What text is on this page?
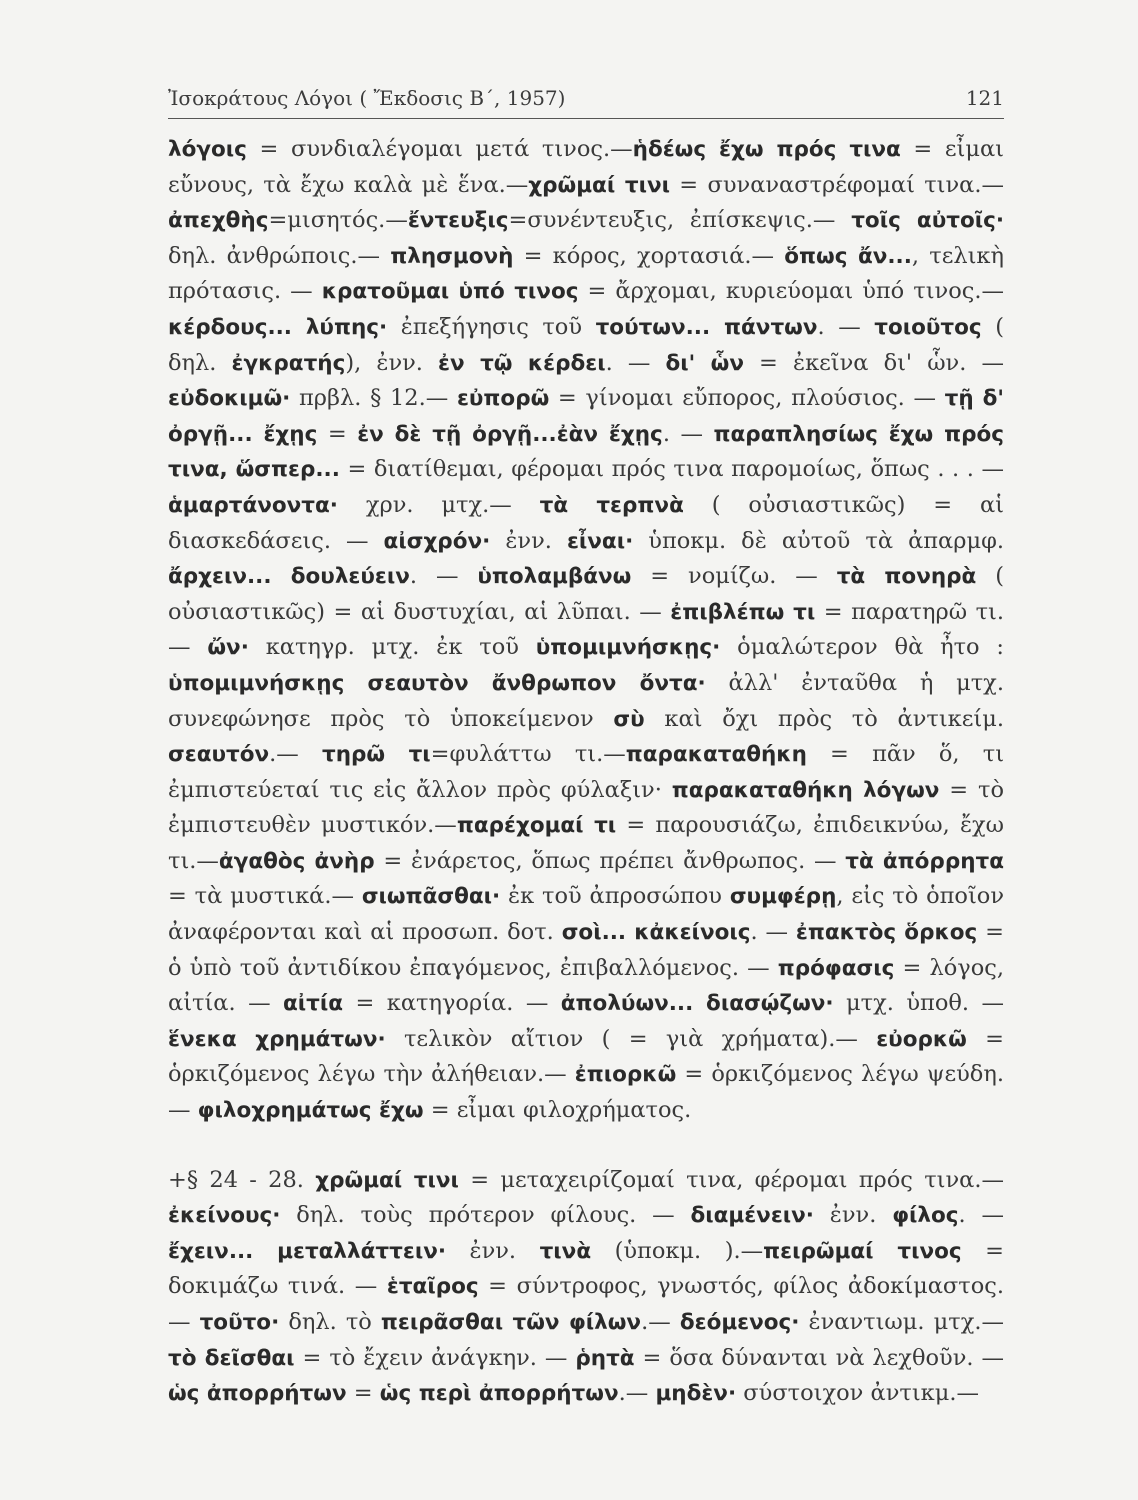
Ἰσοκράτους Λόγοι ( Ἔκδοσις Β΄, 1957)	121

λόγοις = συνδιαλέγομαι μετά τινος.—ἡδέως ἔχω πρός τινα = εἶμαι εὔνους, τὰ ἔχω καλὰ μὲ ἕνα.—χρῶμαί τινι = συναναστρέφομαί τινα.— ἀπεχθὴς=μισητός.—ἔντευξις=συνέντευξις, ἐπίσκεψις.— τοῖς αὐτοῖς· δηλ. ἀνθρώποις.— πλησμονὴ = κόρος, χορτασιά.— ὅπως ἄν..., τελικὴ πρότασις. — κρατοῦμαι ὑπό τινος = ἄρχομαι, κυριεύομαι ὑπό τινος.— κέρδους... λύπης· ἐπεξήγησις τοῦ τούτων... πάντων. — τοιοῦτος ( δηλ. ἐγκρατής), ἐνν. ἐν τῷ κέρδει. — δι' ὧν = ἐκεῖνα δι' ὧν. — εὐδοκιμῶ· πρβλ. § 12.— εὐπορῶ = γίνομαι εὔπορος, πλούσιος. — τῇ δ' ὀργῇ... ἔχῃς = ἐν δὲ τῇ ὀργῇ...ἐὰν ἔχῃς. — παραπλησίως ἔχω πρός τινα, ὥσπερ... = διατίθεμαι, φέρομαι πρός τινα παρομοίως, ὅπως . . . — ἁμαρτάνοντα· χρν. μτχ.— τὰ τερπνὰ ( οὐσιαστικῶς) = αἱ διασκεδάσεις. — αἰσχρόν· ἐνν. εἶναι· ὑποκμ. δὲ αὐτοῦ τὰ ἀπαρμφ. ἄρχειν... δουλεύειν. — ὑπολαμβάνω = νομίζω. — τὰ πονηρὰ ( οὐσιαστικῶς) = αἱ δυστυχίαι, αἱ λῦπαι. — ἐπιβλέπω τι = παρατηρῶ τι. — ὤν· κατηγρ. μτχ. ἐκ τοῦ ὑπομιμνήσκῃς· ὁμαλώτερον θὰ ἦτο : ὑπομιμνήσκῃς σεαυτὸν ἄνθρωπον ὄντα· ἀλλ' ἐνταῦθα ἡ μτχ. συνεφώνησε πρὸς τὸ ὑποκείμενον σὺ καὶ ὄχι πρὸς τὸ ἀντικείμ. σεαυτόν.— τηρῶ τι=φυλάττω τι.—παρακαταθήκη = πᾶν ὅ, τι ἐμπιστεύεταί τις εἰς ἄλλον πρὸς φύλαξιν· παρακαταθήκη λόγων = τὸ ἐμπιστευθὲν μυστικόν.—παρέχομαί τι = παρουσιάζω, ἐπιδεικνύω, ἔχω τι.—ἀγαθὸς ἀνὴρ = ἐνάρετος, ὅπως πρέπει ἄνθρωπος. — τὰ ἀπόρρητα = τὰ μυστικά.— σιωπᾶσθαι· ἐκ τοῦ ἀπροσώπου συμφέρῃ, εἰς τὸ ὁποῖον ἀναφέρονται καὶ αἱ προσωπ. δοτ. σοὶ... κἀκείνοις. — ἐπακτὸς ὅρκος = ὁ ὑπὸ τοῦ ἀντιδίκου ἐπαγόμενος, ἐπιβαλλόμενος. — πρόφασις = λόγος, αἰτία. — αἰτία = κατηγορία. — ἀπολύων... διασῴζων· μτχ. ὑποθ. — ἕνεκα χρημάτων· τελικὸν αἴτιον ( = γιὰ χρήματα).— εὐορκῶ = ὁρκιζόμενος λέγω τὴν ἀλήθειαν.— ἐπιορκῶ = ὁρκιζόμενος λέγω ψεύδη.— φιλοχρημάτως ἔχω = εἶμαι φιλοχρήματος.

+§ 24 - 28. χρῶμαί τινι = μεταχειρίζομαί τινα, φέρομαι πρός τινα.— ἐκείνους· δηλ. τοὺς πρότερον φίλους. — διαμένειν· ἐνν. φίλος. — ἔχειν... μεταλλάττειν· ἐνν. τινὰ (ὑποκμ. ).—πειρῶμαί τινος = δοκιμάζω τινά. — ἑταῖρος = σύντροφος, γνωστός, φίλος ἀδοκίμαστος. — τοῦτο· δηλ. τὸ πειρᾶσθαι τῶν φίλων.— δεόμενος· ἐναντιωμ. μτχ.— τὸ δεῖσθαι = τὸ ἔχειν ἀνάγκην. — ῥητὰ = ὅσα δύνανται νὰ λεχθοῦν. — ὡς ἀπορρήτων = ὡς περὶ ἀπορρήτων.— μηδὲν· σύστοιχον ἀντικμ.—
